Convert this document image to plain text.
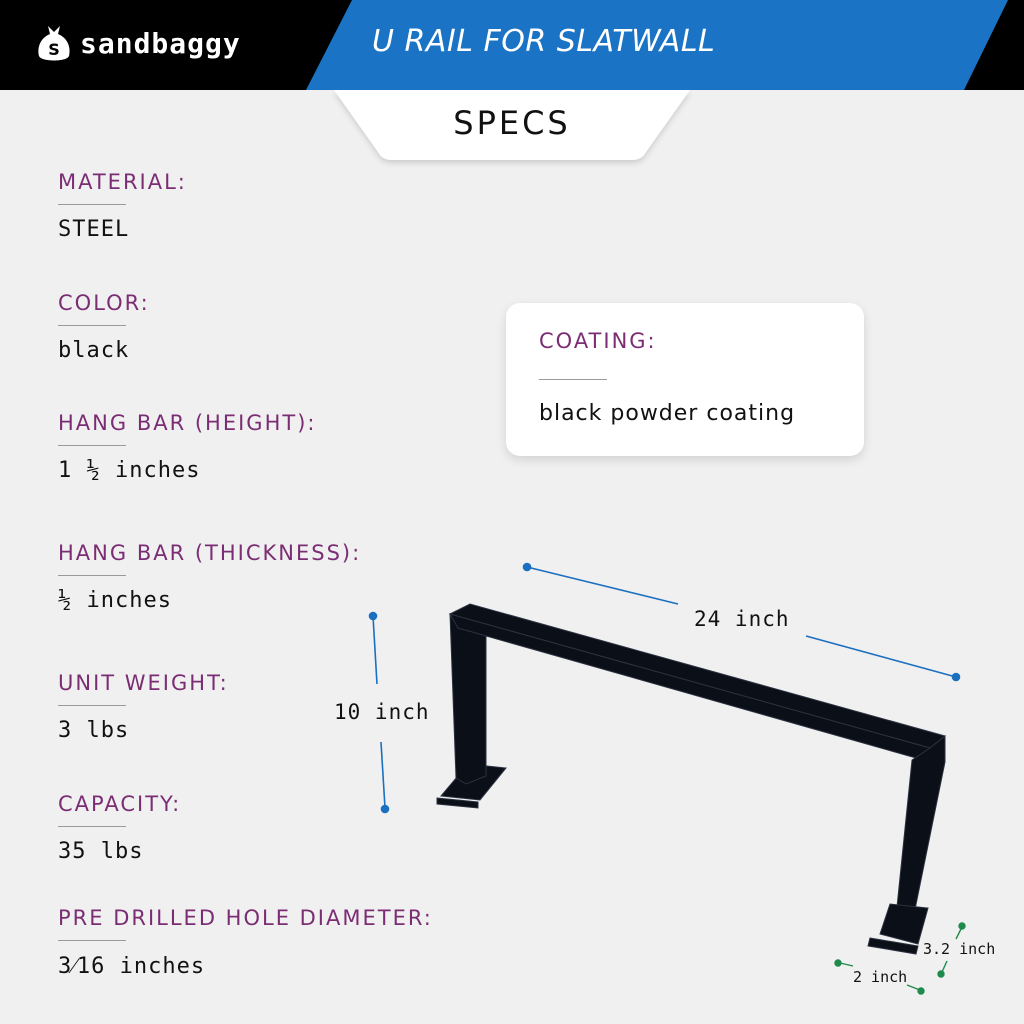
S sandbaggy	U RAIL FOR SLATWALL
SPECS
MATERIAL:
STEEL
COLOR:
black
HANG BAR (HEIGHT):
1 ½ inches
HANG BAR (THICKNESS):
½ inches
UNIT WEIGHT:
3 lbs
CAPACITY:
35 lbs
PRE DRILLED HOLE DIAMETER:
3⁄16 inches
COATING:
black powder coating
24 inch
10 inch
3.2 inch
2 inch
